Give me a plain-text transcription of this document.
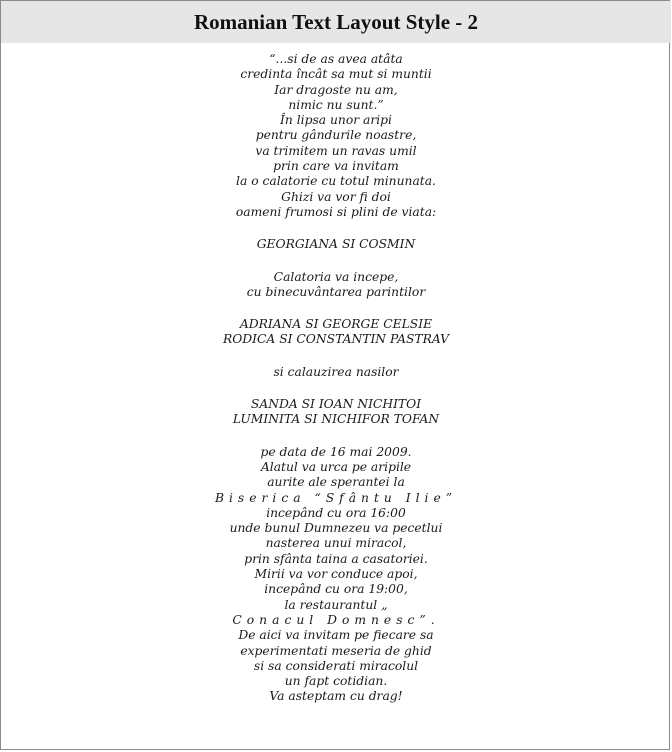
Romanian Text Layout Style - 2
“...si de as avea atâta
credinta încât sa mut si muntii
Iar dragoste nu am,
nimic nu sunt.”
În lipsa unor aripi
pentru gândurile noastre,
va trimitem un ravas umil
prin care va invitam
la o calatorie cu totul minunata.
Ghizi va vor fi doi
oameni frumosi si plini de viata:
GEORGIANA SI COSMIN
Calatoria va incepe,
cu binecuvântarea parintilor
ADRIANA SI GEORGE CELSIE
RODICA SI CONSTANTIN PASTRAV
si calauzirea nasilor
SANDA SI IOAN NICHITOI
LUMINITA SI NICHIFOR TOFAN
pe data de 16 mai 2009.
Alatul va urca pe aripile
aurite ale sperantei la
Biserica “Sfântu Ilie”
incepând cu ora 16:00
unde bunul Dumnezeu va pecetlui
nasterea unui miracol,
prin sfânta taina a casatoriei.
Mirii va vor conduce apoi,
incepând cu ora 19:00,
la restaurantul „
Conacul Domnesc”.
De aici va invitam pe fiecare sa
experimentati meseria de ghid
si sa considerati miracolul
un fapt cotidian.
Va asteptam cu drag!
